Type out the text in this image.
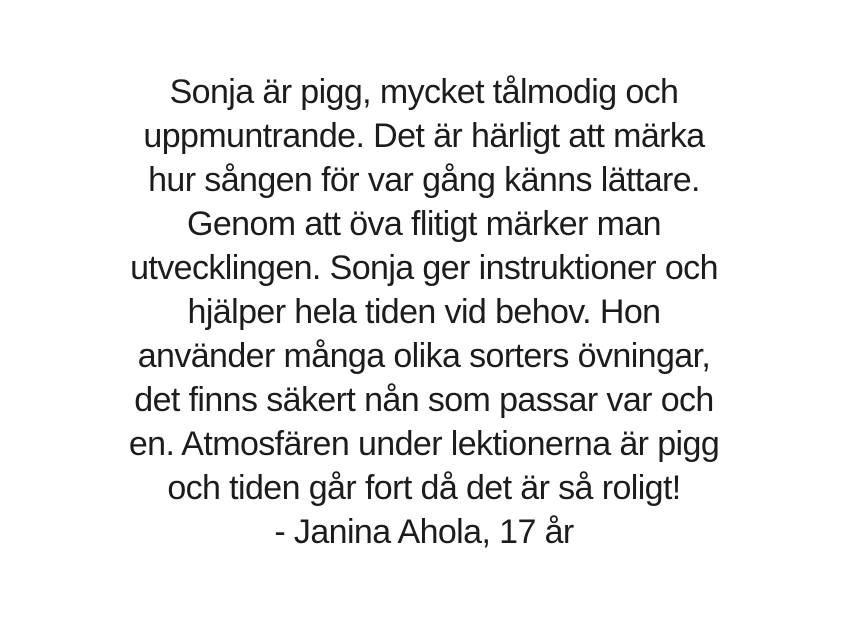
Sonja är pigg, mycket tålmodig och
uppmuntrande. Det är härligt att märka
hur sången för var gång känns lättare.
Genom att öva flitigt märker man
utvecklingen. Sonja ger instruktioner och
hjälper hela tiden vid behov. Hon
använder många olika sorters övningar,
det finns säkert nån som passar var och
en. Atmosfären under lektionerna är pigg
och tiden går fort då det är så roligt!
- Janina Ahola, 17 år
